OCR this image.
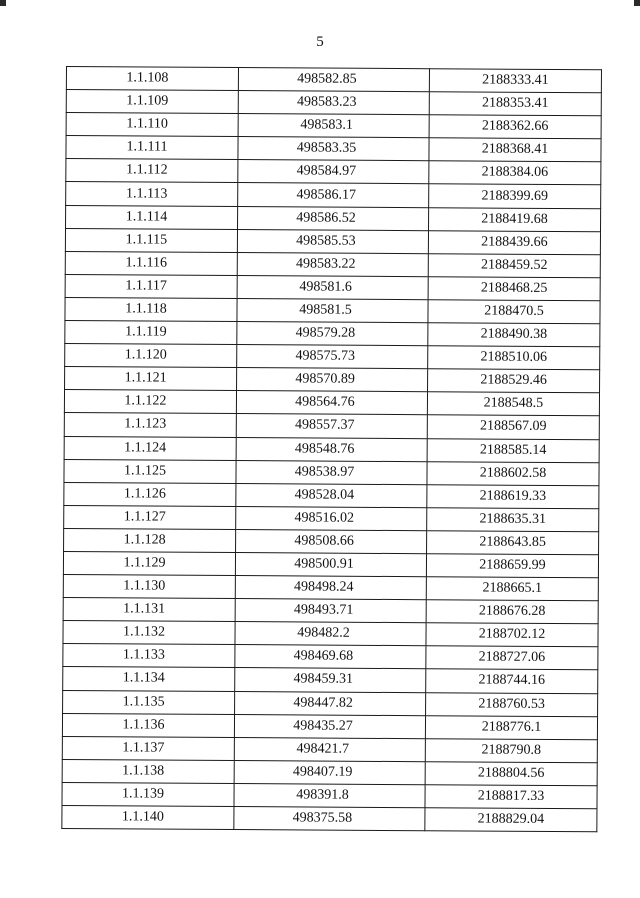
5
1.1.108	498582.85	2188333.41
1.1.109	498583.23	2188353.41
1.1.110	498583.1	2188362.66
1.1.111	498583.35	2188368.41
1.1.112	498584.97	2188384.06
1.1.113	498586.17	2188399.69
1.1.114	498586.52	2188419.68
1.1.115	498585.53	2188439.66
1.1.116	498583.22	2188459.52
1.1.117	498581.6	2188468.25
1.1.118	498581.5	2188470.5
1.1.119	498579.28	2188490.38
1.1.120	498575.73	2188510.06
1.1.121	498570.89	2188529.46
1.1.122	498564.76	2188548.5
1.1.123	498557.37	2188567.09
1.1.124	498548.76	2188585.14
1.1.125	498538.97	2188602.58
1.1.126	498528.04	2188619.33
1.1.127	498516.02	2188635.31
1.1.128	498508.66	2188643.85
1.1.129	498500.91	2188659.99
1.1.130	498498.24	2188665.1
1.1.131	498493.71	2188676.28
1.1.132	498482.2	2188702.12
1.1.133	498469.68	2188727.06
1.1.134	498459.31	2188744.16
1.1.135	498447.82	2188760.53
1.1.136	498435.27	2188776.1
1.1.137	498421.7	2188790.8
1.1.138	498407.19	2188804.56
1.1.139	498391.8	2188817.33
1.1.140	498375.58	2188829.04
